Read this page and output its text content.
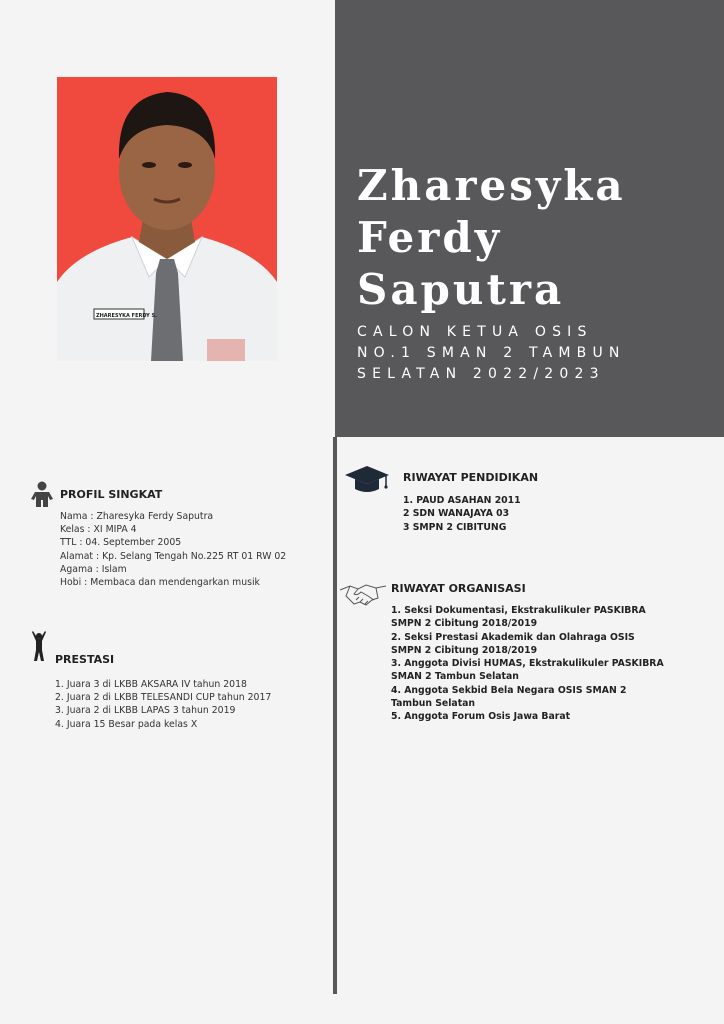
ZHARESYKA FERDY S.
Zharesyka
Ferdy
Saputra
CALON KETUA OSIS
NO.1 SMAN 2 TAMBUN
SELATAN 2022/2023
PROFIL SINGKAT
Nama : Zharesyka Ferdy Saputra
Kelas : XI MIPA 4
TTL : 04. September 2005
Alamat : Kp. Selang Tengah No.225 RT 01 RW 02
Agama : Islam
Hobi : Membaca dan mendengarkan musik
PRESTASI
1. Juara 3 di LKBB AKSARA IV tahun 2018
2. Juara 2 di LKBB TELESANDI CUP tahun 2017
3. Juara 2 di LKBB LAPAS 3 tahun 2019
4. Juara 15 Besar pada kelas X
RIWAYAT PENDIDIKAN
1. PAUD ASAHAN 2011
2 SDN WANAJAYA 03
3 SMPN 2 CIBITUNG
RIWAYAT ORGANISASI
1. Seksi Dokumentasi, Ekstrakulikuler PASKIBRA
SMPN 2 Cibitung 2018/2019
2. Seksi Prestasi Akademik dan Olahraga OSIS
SMPN 2 Cibitung 2018/2019
3. Anggota Divisi HUMAS, Ekstrakulikuler PASKIBRA
SMAN 2 Tambun Selatan
4. Anggota Sekbid Bela Negara OSIS SMAN 2
Tambun Selatan
5. Anggota Forum Osis Jawa Barat
